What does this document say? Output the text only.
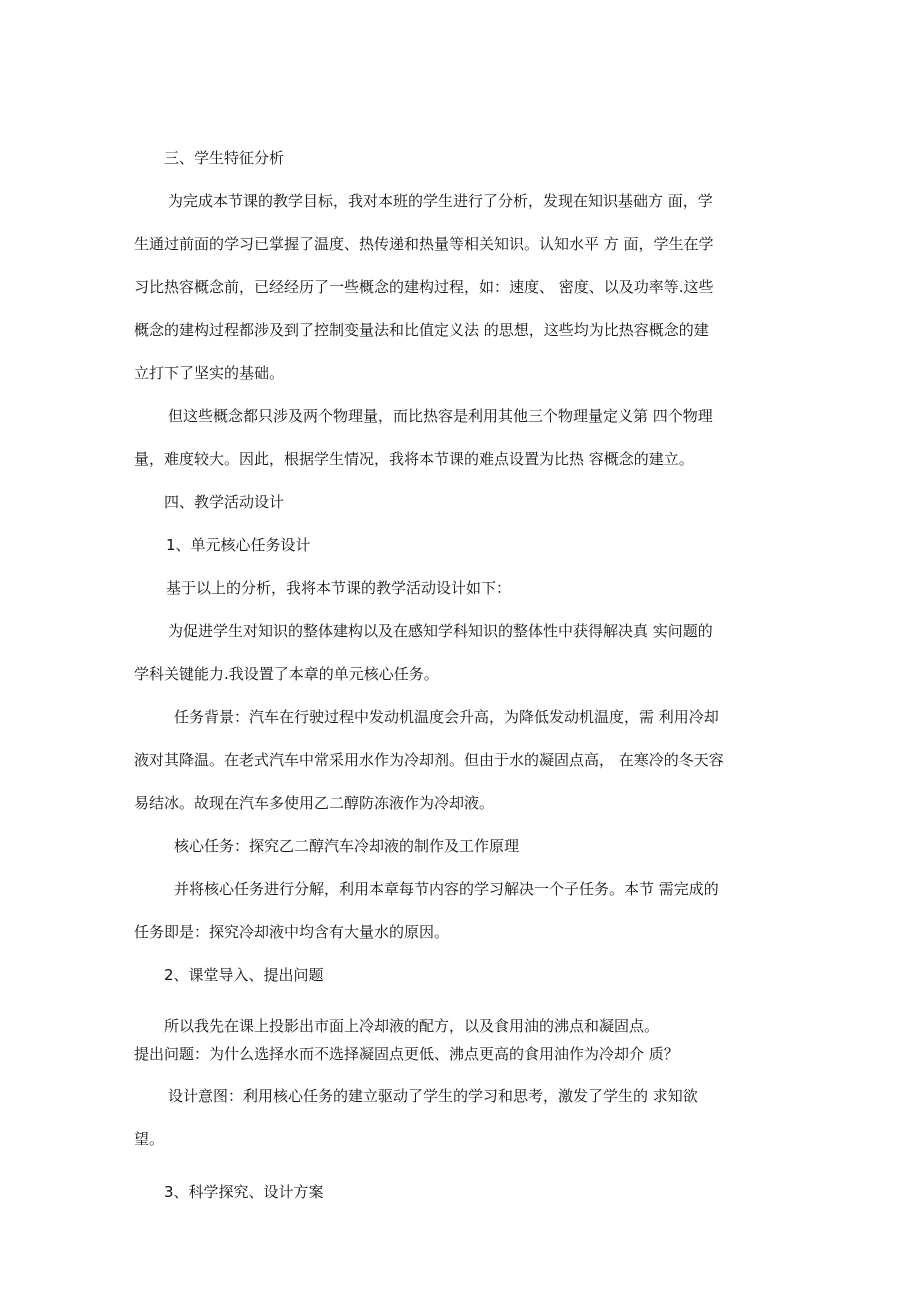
三、学生特征分析
为完成本节课的教学目标，我对本班的学生进行了分析，发现在知识基础方 面，学
生通过前面的学习已掌握了温度、热传递和热量等相关知识。认知水平 方 面，学生在学
习比热容概念前，已经经历了一些概念的建构过程，如：速度、 密度、以及功率等.这些
概念的建构过程都涉及到了控制变量法和比值定义法 的思想，这些均为比热容概念的建
立打下了坚实的基础。
但这些概念都只涉及两个物理量，而比热容是利用其他三个物理量定义第 四个物理
量，难度较大。因此，根据学生情况，我将本节课的难点设置为比热 容概念的建立。
四、教学活动设计
1、单元核心任务设计
基于以上的分析，我将本节课的教学活动设计如下：
为促进学生对知识的整体建构以及在感知学科知识的整体性中获得解决真 实问题的
学科关键能力.我设置了本章的单元核心任务。
任务背景：汽车在行驶过程中发动机温度会升高，为降低发动机温度，需 利用冷却
液对其降温。在老式汽车中常采用水作为冷却剂。但由于水的凝固点高， 在寒冷的冬天容
易结冰。故现在汽车多使用乙二醇防冻液作为冷却液。
核心任务：探究乙二醇汽车冷却液的制作及工作原理
并将核心任务进行分解，利用本章每节内容的学习解决一个子任务。本节 需完成的
任务即是：探究冷却液中均含有大量水的原因。
2、课堂导入、提出问题
所以我先在课上投影出市面上冷却液的配方，以及食用油的沸点和凝固点。
提出问题：为什么选择水而不选择凝固点更低、沸点更高的食用油作为冷却介 质？
设计意图：利用核心任务的建立驱动了学生的学习和思考，激发了学生的 求知欲
望。
3、科学探究、设计方案
